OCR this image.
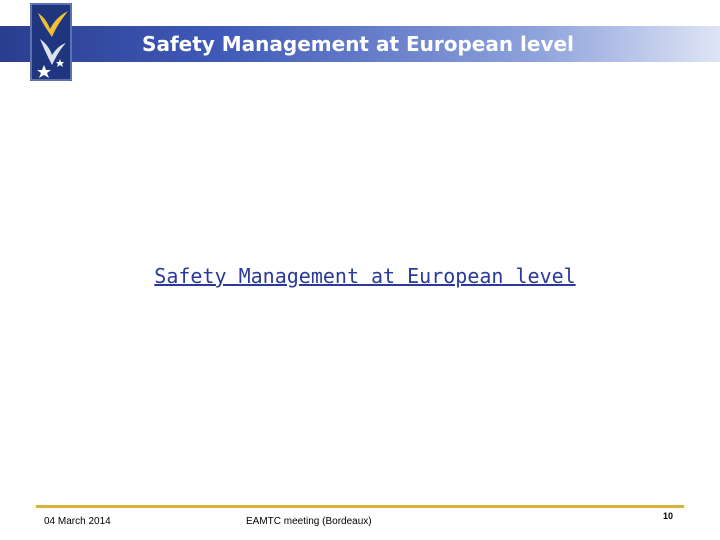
Safety Management at European level
Safety Management at European level
04 March 2014	EAMTC meeting (Bordeaux)	10
